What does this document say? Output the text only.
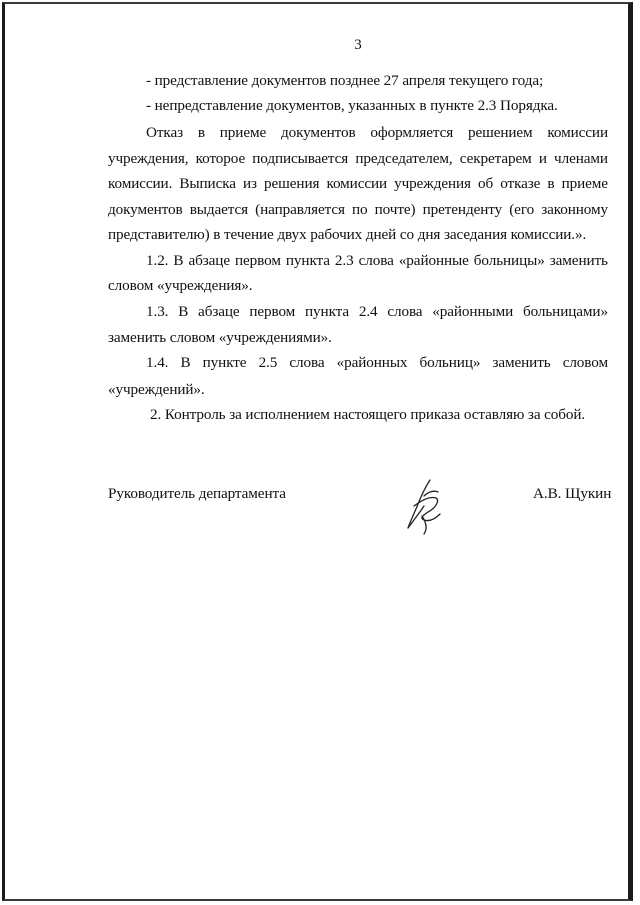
3
- представление документов позднее 27 апреля текущего года;
- непредставление документов, указанных в пункте 2.3 Порядка.
Отказ в приеме документов оформляется решением комиссии
учреждения, которое подписывается председателем, секретарем и членами
комиссии. Выписка из решения комиссии учреждения об отказе в приеме
документов выдается (направляется по почте) претенденту (его законному
представителю) в течение двух рабочих дней со дня заседания комиссии.».
1.2. В абзаце первом пункта 2.3 слова «районные больницы» заменить
словом «учреждения».
1.3. В абзаце первом пункта 2.4 слова «районными больницами»
заменить словом «учреждениями».
1.4. В пункте 2.5 слова «районных больниц» заменить словом
«учреждений».
2. Контроль за исполнением настоящего приказа оставляю за собой.
Руководитель департамента	А.В. Щукин
